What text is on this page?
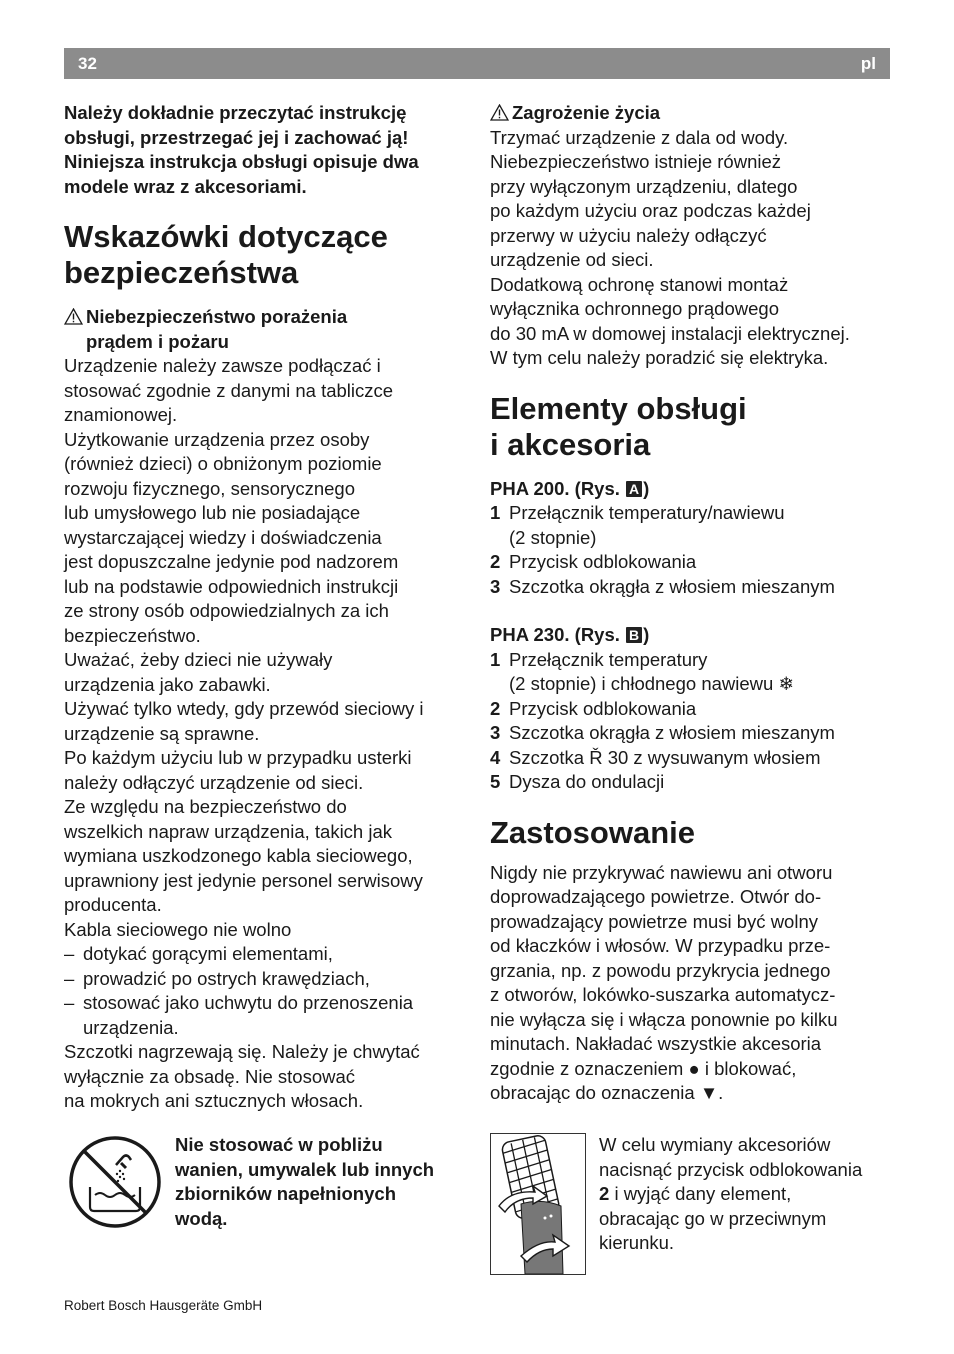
32	pl
Należy dokładnie przeczytać instrukcję
obsługi, przestrzegać jej i zachować ją!
Niniejsza instrukcja obsługi opisuje dwa
modele wraz z akcesoriami.
Wskazówki dotyczące
bezpieczeństwa
Niebezpieczeństwo porażenia
prądem i pożaru
Urządzenie należy zawsze podłączać i
stosować zgodnie z danymi na tabliczce
znamionowej.
Użytkowanie urządzenia przez osoby
(również dzieci) o obniżonym poziomie
rozwoju fizycznego, sensorycznego
lub umysłowego lub nie posiadające
wystarczającej wiedzy i doświadczenia
jest dopuszczalne jedynie pod nadzorem
lub na podstawie odpowiednich instrukcji
ze strony osób odpowiedzialnych za ich
bezpieczeństwo.
Uważać, żeby dzieci nie używały
urządzenia jako zabawki.
Używać tylko wtedy, gdy przewód sieciowy i
urządzenie są sprawne.
Po każdym użyciu lub w przypadku usterki
należy odłączyć urządzenie od sieci.
Ze względu na bezpieczeństwo do
wszelkich napraw urządzenia, takich jak
wymiana uszkodzonego kabla sieciowego,
uprawniony jest jedynie personel serwisowy
producenta.
Kabla sieciowego nie wolno
– dotykać gorącymi elementami,
– prowadzić po ostrych krawędziach,
– stosować jako uchwytu do przenoszenia
urządzenia.
Szczotki nagrzewają się. Należy je chwytać
wyłącznie za obsadę. Nie stosować
na mokrych ani sztucznych włosach.
Nie stosować w pobliżu
wanien, umywalek lub innych
zbiorników napełnionych
wodą.
Zagrożenie życia
Trzymać urządzenie z dala od wody.
Niebezpieczeństwo istnieje również
przy wyłączonym urządzeniu, dlatego
po każdym użyciu oraz podczas każdej
przerwy w użyciu należy odłączyć
urządzenie od sieci.
Dodatkową ochronę stanowi montaż
wyłącznika ochronnego prądowego
do 30 mA w domowej instalacji elektrycznej.
W tym celu należy poradzić się elektryka.
Elementy obsługi
i akcesoria
PHA 200. (Rys. A )
1 Przełącznik temperatury/nawiewu
(2 stopnie)
2 Przycisk odblokowania
3 Szczotka okrągła z włosiem mieszanym
PHA 230. (Rys. B )
1 Przełącznik temperatury
(2 stopnie) i chłodnego nawiewu ❄
2 Przycisk odblokowania
3 Szczotka okrągła z włosiem mieszanym
4 Szczotka Ř 30 z wysuwanym włosiem
5 Dysza do ondulacji
Zastosowanie
Nigdy nie przykrywać nawiewu ani otworu
doprowadzającego powietrze. Otwór do-
prowadzający powietrze musi być wolny
od kłaczków i włosów. W przypadku prze-
grzania, np. z powodu przykrycia jednego
z otworów, lokówko-suszarka automatycz-
nie wyłącza się i włącza ponownie po kilku
minutach. Nakładać wszystkie akcesoria
zgodnie z oznaczeniem ● i blokować,
obracając do oznaczenia ▼.
W celu wymiany akcesoriów
nacisnąć przycisk odblokowania
2 i wyjąć dany element,
obracając go w przeciwnym
kierunku.
Robert Bosch Hausgeräte GmbH
